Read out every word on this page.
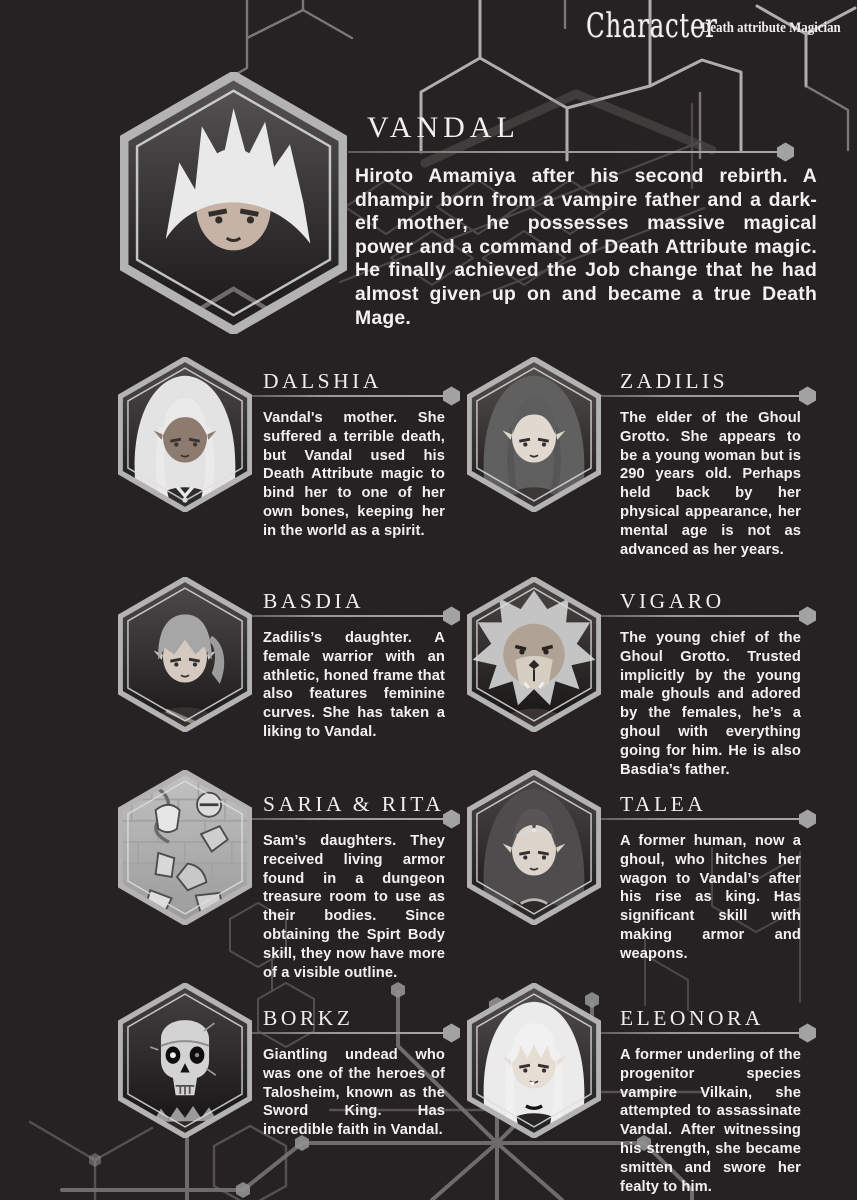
Character
Death attribute Magician
VANDAL

Hiroto Amamiya after his second rebirth. A dhampir born from a vampire father and a dark-elf mother, he possesses massive magical power and a command of Death Attribute magic. He finally achieved the Job change that he had almost given up on and became a true Death Mage.

DALSHIA

Vandal's mother. She suffered a terrible death, but Vandal used his Death Attribute magic to bind her to one of her own bones, keeping her in the world as a spirit.

ZADILIS

The elder of the Ghoul Grotto. She appears to be a young woman but is 290 years old. Perhaps held back by her physical appearance, her mental age is not as advanced as her years.

BASDIA

Zadilis’s daughter. A female warrior with an athletic, honed frame that also features feminine curves. She has taken a liking to Vandal.

VIGARO

The young chief of the Ghoul Grotto. Trusted implicitly by the young male ghouls and adored by the females, he’s a ghoul with everything going for him. He is also Basdia’s father.

SARIA & RITA

Sam’s daughters. They received living armor found in a dungeon treasure room to use as their bodies. Since obtaining the Spirt Body skill, they now have more of a visible outline.

TALEA

A former human, now a ghoul, who hitches her wagon to Vandal’s after his rise as king. Has significant skill with making armor and weapons.

BORKZ

Giantling undead who was one of the heroes of Talosheim, known as the Sword King. Has incredible faith in Vandal.

ELEONORA

A former underling of the progenitor species vampire Vilkain, she attempted to assassinate Vandal. After witnessing his strength, she became smitten and swore her fealty to him.
